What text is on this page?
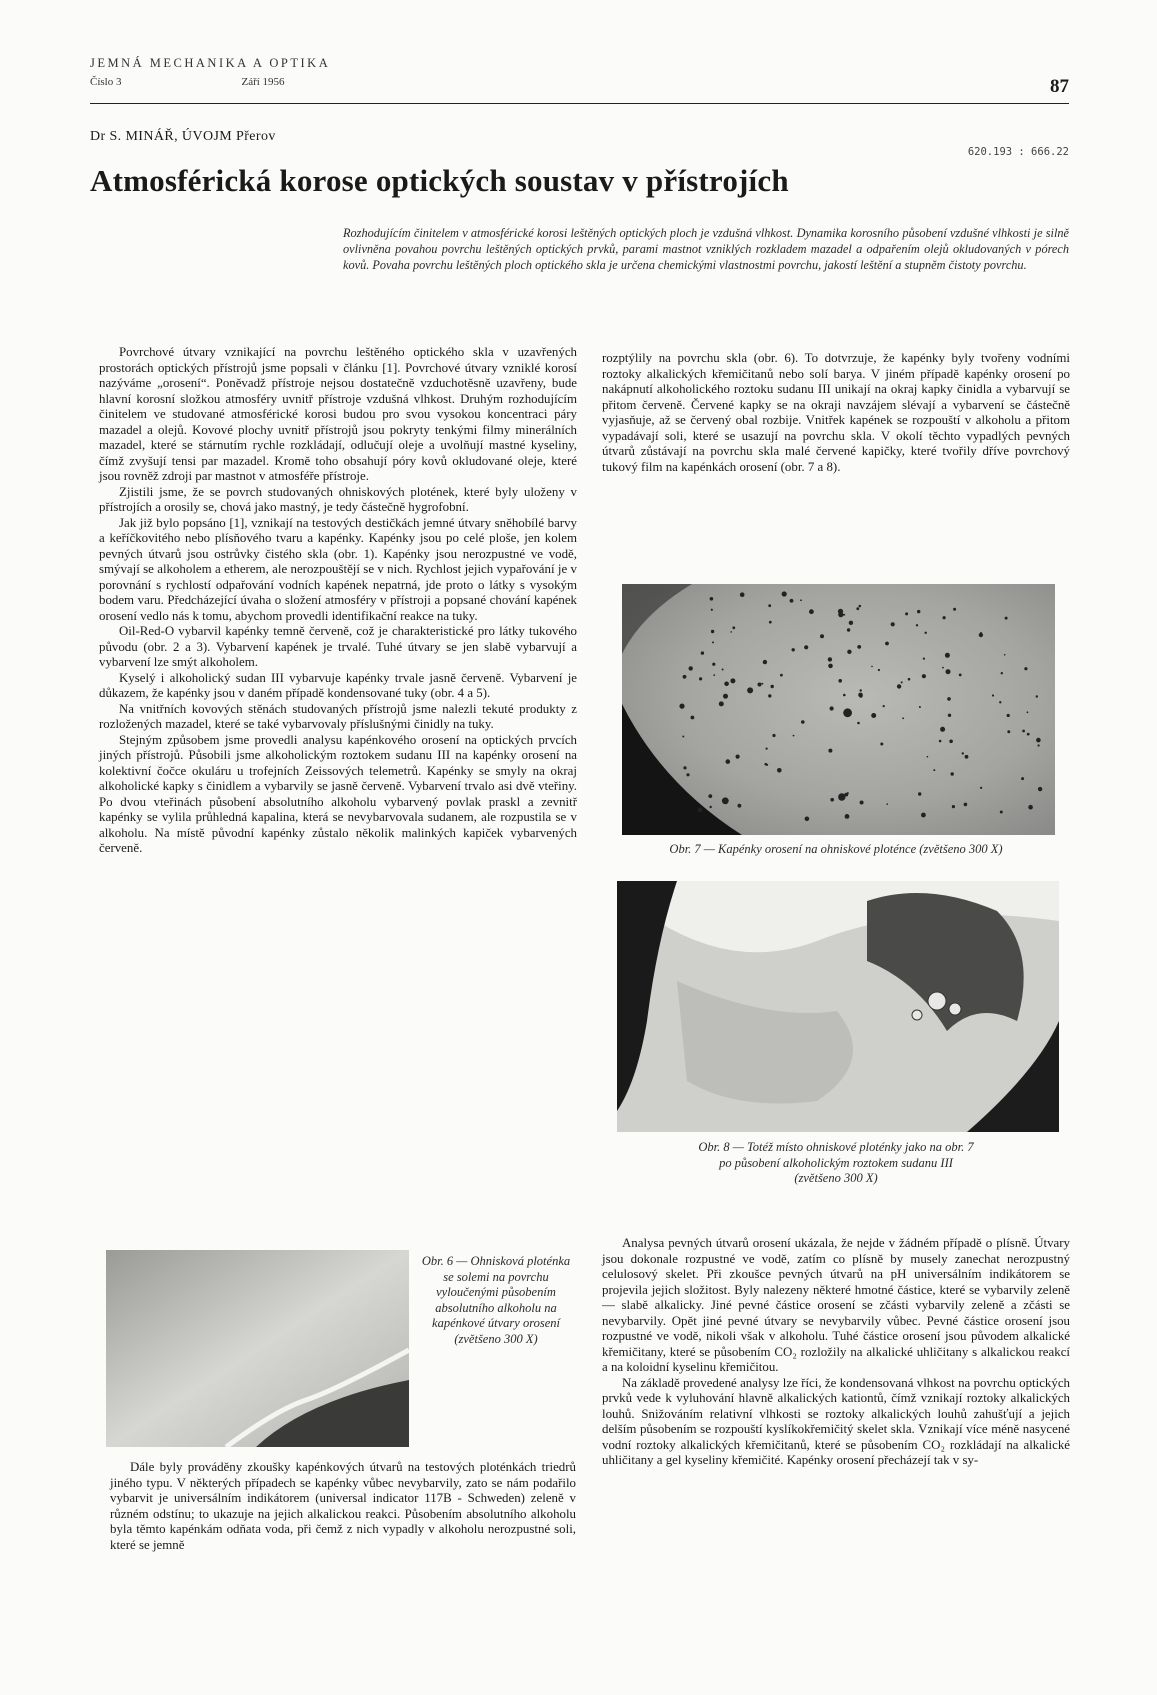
JEMNÁ MECHANIKA A OPTIKA
Číslo 3	Září 1956	87
Dr S. MINÁŘ, ÚVOJM Přerov
620.193 : 666.22
Atmosférická korose optických soustav v přístrojích

Rozhodujícím činitelem v atmosférické korosi leštěných optických ploch je vzdušná vlhkost. Dynamika korosního působení vzdušné vlhkosti je silně ovlivněna povahou povrchu leštěných optických prvků, parami mastnot vzniklých rozkladem mazadel a odpařením olejů okludovaných v pórech kovů. Povaha povrchu leštěných ploch optického skla je určena chemickými vlastnostmi povrchu, jakostí leštění a stupněm čistoty povrchu.

Povrchové útvary vznikající na povrchu leštěného optického skla v uzavřených prostorách optických přístrojů jsme popsali v článku [1]. Povrchové útvary vzniklé korosí nazýváme „orosení“. Poněvadž přístroje nejsou dostatečně vzduchotěsně uzavřeny, bude hlavní korosní složkou atmosféry uvnitř přístroje vzdušná vlhkost. Druhým rozhodujícím činitelem ve studované atmosférické korosi budou pro svou vysokou koncentraci páry mazadel a olejů. Kovové plochy uvnitř přístrojů jsou pokryty tenkými filmy minerálních mazadel, které se stárnutím rychle rozkládají, odlučují oleje a uvolňují mastné kyseliny, čímž zvyšují tensi par mazadel. Kromě toho obsahují póry kovů okludované oleje, které jsou rovněž zdroji par mastnot v atmosféře přístroje.

Zjistili jsme, že se povrch studovaných ohniskových plotének, které byly uloženy v přístrojích a orosily se, chová jako mastný, je tedy částečně hygrofobní.

Jak již bylo popsáno [1], vznikají na testových destičkách jemné útvary sněhobílé barvy a keříčkovitého nebo plísňového tvaru a kapénky. Kapénky jsou po celé ploše, jen kolem pevných útvarů jsou ostrůvky čistého skla (obr. 1). Kapénky jsou nerozpustné ve vodě, smývají se alkoholem a etherem, ale nerozpouštějí se v nich. Rychlost jejich vypařování je v porovnání s rychlostí odpařování vodních kapének nepatrná, jde proto o látky s vysokým bodem varu. Předcházející úvaha o složení atmosféry v přístroji a popsané chování kapének orosení vedlo nás k tomu, abychom provedli identifikační reakce na tuky.

Oil-Red-O vybarvil kapénky temně červeně, což je charakteristické pro látky tukového původu (obr. 2 a 3). Vybarvení kapének je trvalé. Tuhé útvary se jen slabě vybarvují a vybarvení lze smýt alkoholem.

Kyselý i alkoholický sudan III vybarvuje kapénky trvale jasně červeně. Vybarvení je důkazem, že kapénky jsou v daném případě kondensované tuky (obr. 4 a 5).

Na vnitřních kovových stěnách studovaných přístrojů jsme nalezli tekuté produkty z rozložených mazadel, které se také vybarvovaly příslušnými činidly na tuky.

Stejným způsobem jsme provedli analysu kapénkového orosení na optických prvcích jiných přístrojů. Působili jsme alkoholickým roztokem sudanu III na kapénky orosení na kolektivní čočce okuláru u trofejních Zeissových telemetrů. Kapénky se smyly na okraj alkoholické kapky s činidlem a vybarvily se jasně červeně. Vybarvení trvalo asi dvě vteřiny. Po dvou vteřinách působení absolutního alkoholu vybarvený povlak praskl a zevnitř kapénky se vylila průhledná kapalina, která se nevybarvovala sudanem, ale rozpustila se v alkoholu. Na místě původní kapénky zůstalo několik malinkých kapiček vybarvených červeně.

rozptýlily na povrchu skla (obr. 6). To dotvrzuje, že kapénky byly tvořeny vodními roztoky alkalických křemičitanů nebo solí barya. V jiném případě kapénky orosení po nakápnutí alkoholického roztoku sudanu III unikají na okraj kapky činidla a vybarvují se přitom červeně. Červené kapky se na okraji navzájem slévají a vybarvení se částečně vyjasňuje, až se červený obal rozbije. Vnitřek kapének se rozpouští v alkoholu a přitom vypadávají soli, které se usazují na povrchu skla. V okolí těchto vypadlých pevných útvarů zůstávají na povrchu skla malé červené kapičky, které tvořily dříve povrchový tukový film na kapénkách orosení (obr. 7 a 8).

Obr. 7 — Kapénky orosení na ohniskové ploténce (zvětšeno 300 X)
Obr. 8 — Totéž místo ohniskové ploténky jako na obr. 7
po působení alkoholickým roztokem sudanu III
(zvětšeno 300 X)
Obr. 6 — Ohnisková ploténka se solemi na povrchu vyloučenými působením absolutního alkoholu na kapénkové útvary orosení (zvětšeno 300 X)

Dále byly prováděny zkoušky kapénkových útvarů na testových ploténkách triedrů jiného typu. V některých případech se kapénky vůbec nevybarvily, zato se nám podařilo vybarvit je universálním indikátorem (universal indicator 117B - Schweden) zeleně v různém odstínu; to ukazuje na jejich alkalickou reakci. Působením absolutního alkoholu byla těmto kapénkám odňata voda, při čemž z nich vypadly v alkoholu nerozpustné soli, které se jemně

Analysa pevných útvarů orosení ukázala, že nejde v žádném případě o plísně. Útvary jsou dokonale rozpustné ve vodě, zatím co plísně by musely zanechat nerozpustný celulosový skelet. Při zkoušce pevných útvarů na pH universálním indikátorem se projevila jejich složitost. Byly nalezeny některé hmotné částice, které se vybarvily zeleně — slabě alkalicky. Jiné pevné částice orosení se zčásti vybarvily zeleně a zčásti se nevybarvily. Opět jiné pevné útvary se nevybarvily vůbec. Pevné částice orosení jsou rozpustné ve vodě, nikoli však v alkoholu. Tuhé částice orosení jsou původem alkalické křemičitany, které se působením CO₂ rozložily na alkalické uhličitany s alkalickou reakcí a na koloidní kyselinu křemičitou.

Na základě provedené analysy lze říci, že kondensovaná vlhkost na povrchu optických prvků vede k vyluhování hlavně alkalických kationtů, čímž vznikají roztoky alkalických louhů. Snižováním relativní vlhkosti se roztoky alkalických louhů zahušťují a jejich delším působením se rozpouští kyslíkokřemičitý skelet skla. Vznikají více méně nasycené vodní roztoky alkalických křemičitanů, které se působením CO₂ rozkládají na alkalické uhličitany a gel kyseliny křemičité. Kapénky orosení přecházejí tak v sy-
